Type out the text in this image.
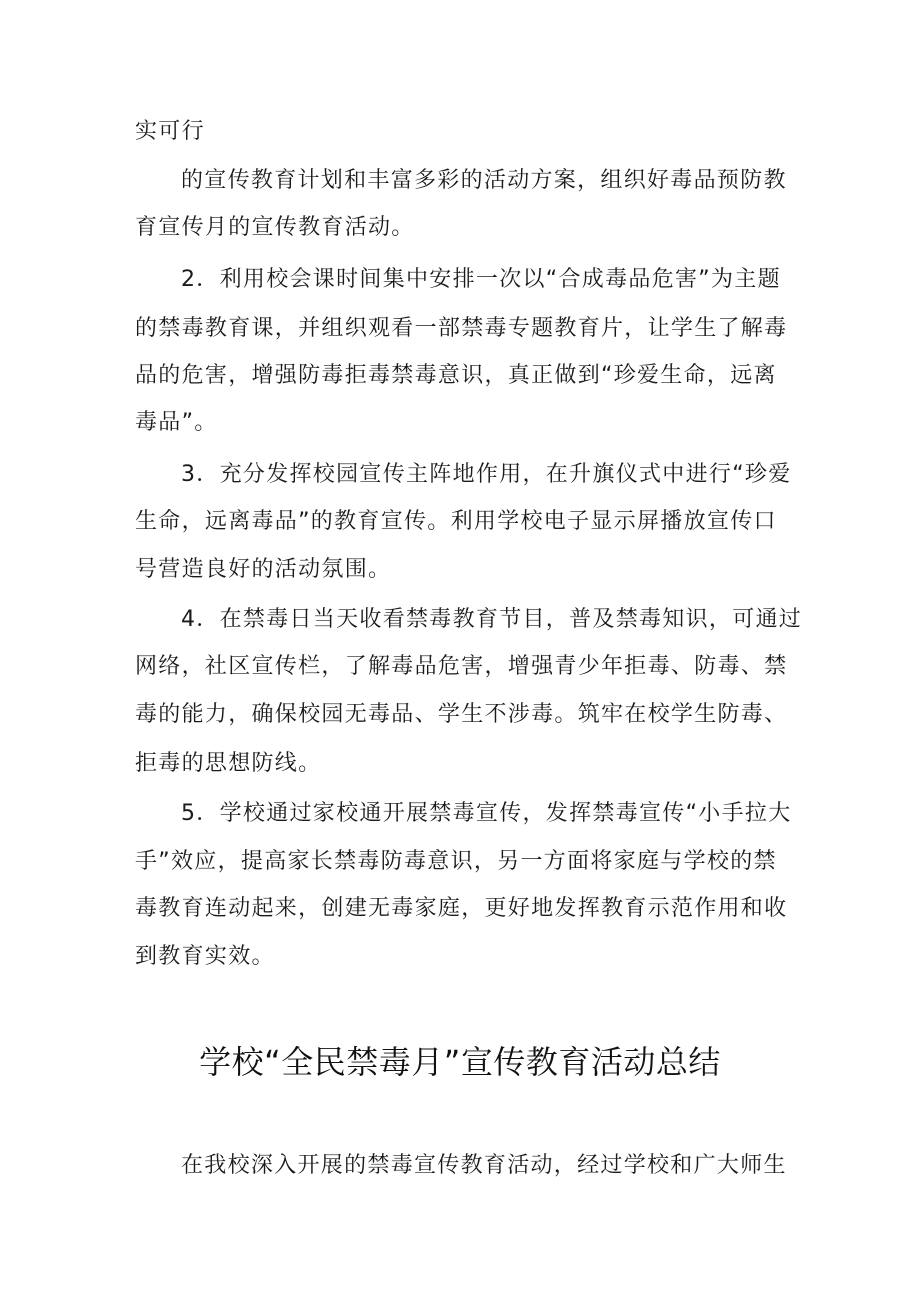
实可行
的宣传教育计划和丰富多彩的活动方案，组织好毒品预防教
育宣传月的宣传教育活动。
2．利用校会课时间集中安排一次以“合成毒品危害”为主题
的禁毒教育课，并组织观看一部禁毒专题教育片，让学生了解毒
品的危害，增强防毒拒毒禁毒意识，真正做到“珍爱生命，远离
毒品”。
3．充分发挥校园宣传主阵地作用，在升旗仪式中进行“珍爱
生命，远离毒品”的教育宣传。利用学校电子显示屏播放宣传口
号营造良好的活动氛围。
4．在禁毒日当天收看禁毒教育节目，普及禁毒知识，可通过
网络，社区宣传栏，了解毒品危害，增强青少年拒毒、防毒、禁
毒的能力，确保校园无毒品、学生不涉毒。筑牢在校学生防毒、
拒毒的思想防线。
5．学校通过家校通开展禁毒宣传，发挥禁毒宣传“小手拉大
手”效应，提高家长禁毒防毒意识，另一方面将家庭与学校的禁
毒教育连动起来，创建无毒家庭，更好地发挥教育示范作用和收
到教育实效。
学校“全民禁毒月”宣传教育活动总结
在我校深入开展的禁毒宣传教育活动，经过学校和广大师生
